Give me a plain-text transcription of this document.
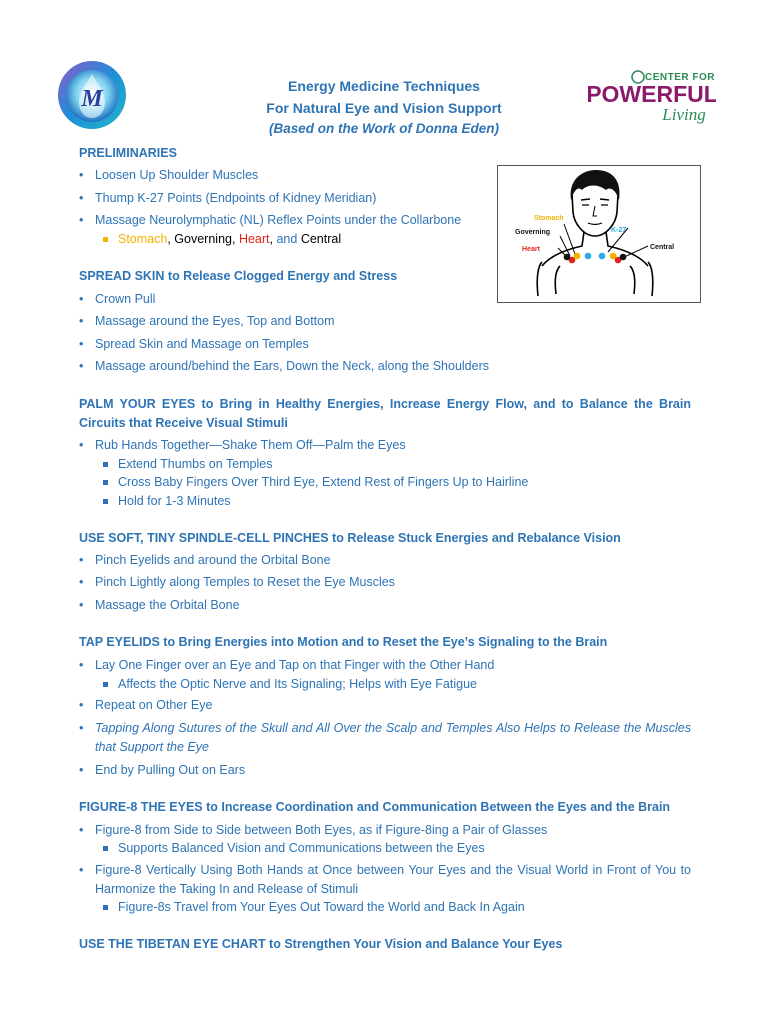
M	Energy Medicine Techniques
For Natural Eye and Vision Support
(Based on the Work of Donna Eden)
CENTER FOR
POWERFUL
Living
PRELIMINARIES
• Loosen Up Shoulder Muscles
• Thump K-27 Points (Endpoints of Kidney Meridian)
• Massage Neurolymphatic (NL) Reflex Points under the Collarbone
Stomach, Governing, Heart, and Central
Stomach
K-27
Governing
Heart	Central
SPREAD SKIN to Release Clogged Energy and Stress
• Crown Pull
• Massage around the Eyes, Top and Bottom
• Spread Skin and Massage on Temples
• Massage around/behind the Ears, Down the Neck, along the Shoulders
PALM YOUR EYES to Bring in Healthy Energies, Increase Energy Flow, and to Balance the Brain Circuits that Receive Visual Stimuli
• Rub Hands Together—Shake Them Off—Palm the Eyes
Extend Thumbs on Temples
Cross Baby Fingers Over Third Eye, Extend Rest of Fingers Up to Hairline
Hold for 1-3 Minutes
USE SOFT, TINY SPINDLE-CELL PINCHES to Release Stuck Energies and Rebalance Vision
• Pinch Eyelids and around the Orbital Bone
• Pinch Lightly along Temples to Reset the Eye Muscles
• Massage the Orbital Bone
TAP EYELIDS to Bring Energies into Motion and to Reset the Eye’s Signaling to the Brain
• Lay One Finger over an Eye and Tap on that Finger with the Other Hand
Affects the Optic Nerve and Its Signaling; Helps with Eye Fatigue
• Repeat on Other Eye
• Tapping Along Sutures of the Skull and All Over the Scalp and Temples Also Helps to Release the Muscles that Support the Eye
• End by Pulling Out on Ears
FIGURE-8 THE EYES to Increase Coordination and Communication Between the Eyes and the Brain
• Figure-8 from Side to Side between Both Eyes, as if Figure-8ing a Pair of Glasses
Supports Balanced Vision and Communications between the Eyes
• Figure-8 Vertically Using Both Hands at Once between Your Eyes and the Visual World in Front of You to Harmonize the Taking In and Release of Stimuli
Figure-8s Travel from Your Eyes Out Toward the World and Back In Again
USE THE TIBETAN EYE CHART to Strengthen Your Vision and Balance Your Eyes
